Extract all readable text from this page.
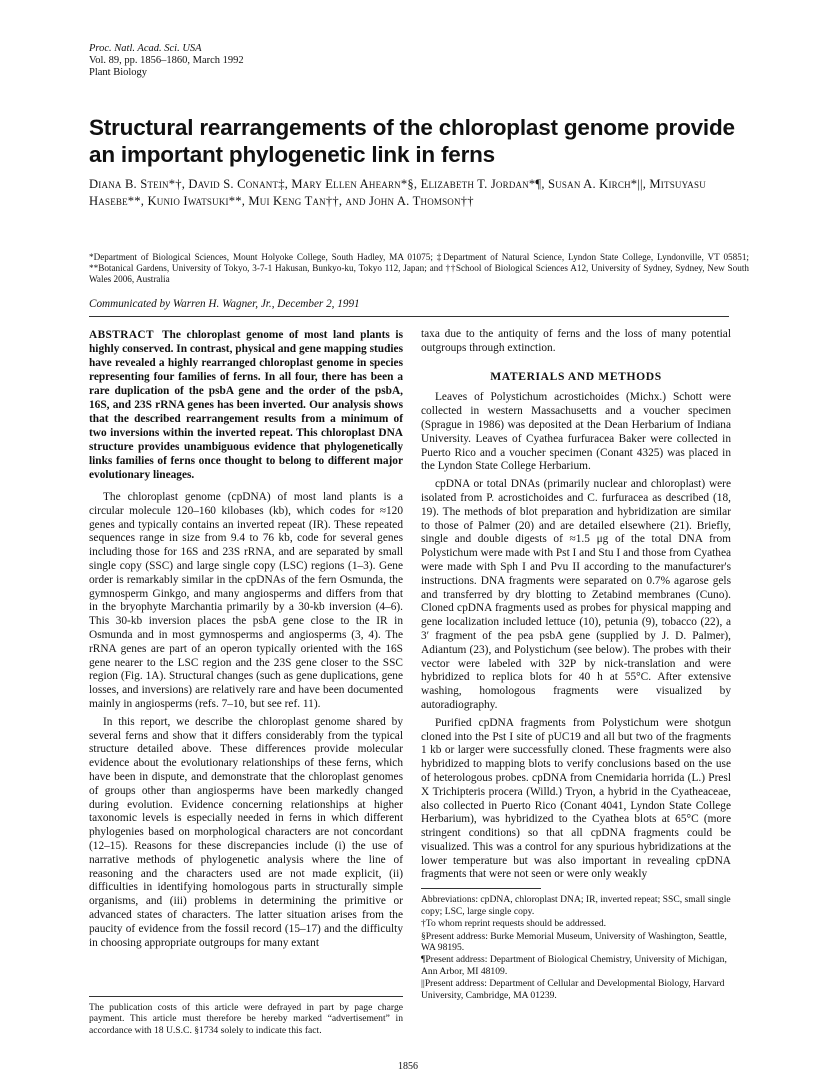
Proc. Natl. Acad. Sci. USA
Vol. 89, pp. 1856–1860, March 1992
Plant Biology
Structural rearrangements of the chloroplast genome provide an important phylogenetic link in ferns
Diana B. Stein*†, David S. Conant‡, Mary Ellen Ahearn*§, Elizabeth T. Jordan*¶, Susan A. Kirch*||, Mitsuyasu Hasebe**, Kunio Iwatsuki**, Mui Keng Tan††, and John A. Thomson††
*Department of Biological Sciences, Mount Holyoke College, South Hadley, MA 01075; ‡Department of Natural Science, Lyndon State College, Lyndonville, VT 05851; **Botanical Gardens, University of Tokyo, 3-7-1 Hakusan, Bunkyo-ku, Tokyo 112, Japan; and ††School of Biological Sciences A12, University of Sydney, Sydney, New South Wales 2006, Australia
Communicated by Warren H. Wagner, Jr., December 2, 1991

ABSTRACT The chloroplast genome of most land plants is highly conserved. In contrast, physical and gene mapping studies have revealed a highly rearranged chloroplast genome in species representing four families of ferns. In all four, there has been a rare duplication of the psbA gene and the order of the psbA, 16S, and 23S rRNA genes has been inverted. Our analysis shows that the described rearrangement results from a minimum of two inversions within the inverted repeat. This chloroplast DNA structure provides unambiguous evidence that phylogenetically links families of ferns once thought to belong to different major evolutionary lineages.

The chloroplast genome (cpDNA) of most land plants is a circular molecule 120–160 kilobases (kb), which codes for ≈120 genes and typically contains an inverted repeat (IR). These repeated sequences range in size from 9.4 to 76 kb, code for several genes including those for 16S and 23S rRNA, and are separated by small single copy (SSC) and large single copy (LSC) regions (1–3). Gene order is remarkably similar in the cpDNAs of the fern Osmunda, the gymnosperm Ginkgo, and many angiosperms and differs from that in the bryophyte Marchantia primarily by a 30-kb inversion (4–6). This 30-kb inversion places the psbA gene close to the IR in Osmunda and in most gymnosperms and angiosperms (3, 4). The rRNA genes are part of an operon typically oriented with the 16S gene nearer to the LSC region and the 23S gene closer to the SSC region (Fig. 1A). Structural changes (such as gene duplications, gene losses, and inversions) are relatively rare and have been documented mainly in angiosperms (refs. 7–10, but see ref. 11).

In this report, we describe the chloroplast genome shared by several ferns and show that it differs considerably from the typical structure detailed above. These differences provide molecular evidence about the evolutionary relationships of these ferns, which have been in dispute, and demonstrate that the chloroplast genomes of groups other than angiosperms have been markedly changed during evolution. Evidence concerning relationships at higher taxonomic levels is especially needed in ferns in which different phylogenies based on morphological characters are not concordant (12–15). Reasons for these discrepancies include (i) the use of narrative methods of phylogenetic analysis where the line of reasoning and the characters used are not made explicit, (ii) difficulties in identifying homologous parts in structurally simple organisms, and (iii) problems in determining the primitive or advanced states of characters. The latter situation arises from the paucity of evidence from the fossil record (15–17) and the difficulty in choosing appropriate outgroups for many extant

The publication costs of this article were defrayed in part by page charge payment. This article must therefore be hereby marked “advertisement” in accordance with 18 U.S.C. §1734 solely to indicate this fact.

taxa due to the antiquity of ferns and the loss of many potential outgroups through extinction.

MATERIALS AND METHODS

Leaves of Polystichum acrostichoides (Michx.) Schott were collected in western Massachusetts and a voucher specimen (Sprague in 1986) was deposited at the Dean Herbarium of Indiana University. Leaves of Cyathea furfuracea Baker were collected in Puerto Rico and a voucher specimen (Conant 4325) was placed in the Lyndon State College Herbarium.

cpDNA or total DNAs (primarily nuclear and chloroplast) were isolated from P. acrostichoides and C. furfuracea as described (18, 19). The methods of blot preparation and hybridization are similar to those of Palmer (20) and are detailed elsewhere (21). Briefly, single and double digests of ≈1.5 μg of the total DNA from Polystichum were made with Pst I and Stu I and those from Cyathea were made with Sph I and Pvu II according to the manufacturer's instructions. DNA fragments were separated on 0.7% agarose gels and transferred by dry blotting to Zetabind membranes (Cuno). Cloned cpDNA fragments used as probes for physical mapping and gene localization included lettuce (10), petunia (9), tobacco (22), a 3′ fragment of the pea psbA gene (supplied by J. D. Palmer), Adiantum (23), and Polystichum (see below). The probes with their vector were labeled with 32P by nick-translation and were hybridized to replica blots for 40 h at 55°C. After extensive washing, homologous fragments were visualized by autoradiography.

Purified cpDNA fragments from Polystichum were shotgun cloned into the Pst I site of pUC19 and all but two of the fragments 1 kb or larger were successfully cloned. These fragments were also hybridized to mapping blots to verify conclusions based on the use of heterologous probes. cpDNA from Cnemidaria horrida (L.) Presl X Trichipteris procera (Willd.) Tryon, a hybrid in the Cyatheaceae, also collected in Puerto Rico (Conant 4041, Lyndon State College Herbarium), was hybridized to the Cyathea blots at 65°C (more stringent conditions) so that all cpDNA fragments could be visualized. This was a control for any spurious hybridizations at the lower temperature but was also important in revealing cpDNA fragments that were not seen or were only weakly

Abbreviations: cpDNA, chloroplast DNA; IR, inverted repeat; SSC, small single copy; LSC, large single copy.
†To whom reprint requests should be addressed.
§Present address: Burke Memorial Museum, University of Washington, Seattle, WA 98195.
¶Present address: Department of Biological Chemistry, University of Michigan, Ann Arbor, MI 48109.
||Present address: Department of Cellular and Developmental Biology, Harvard University, Cambridge, MA 01239.
1856
